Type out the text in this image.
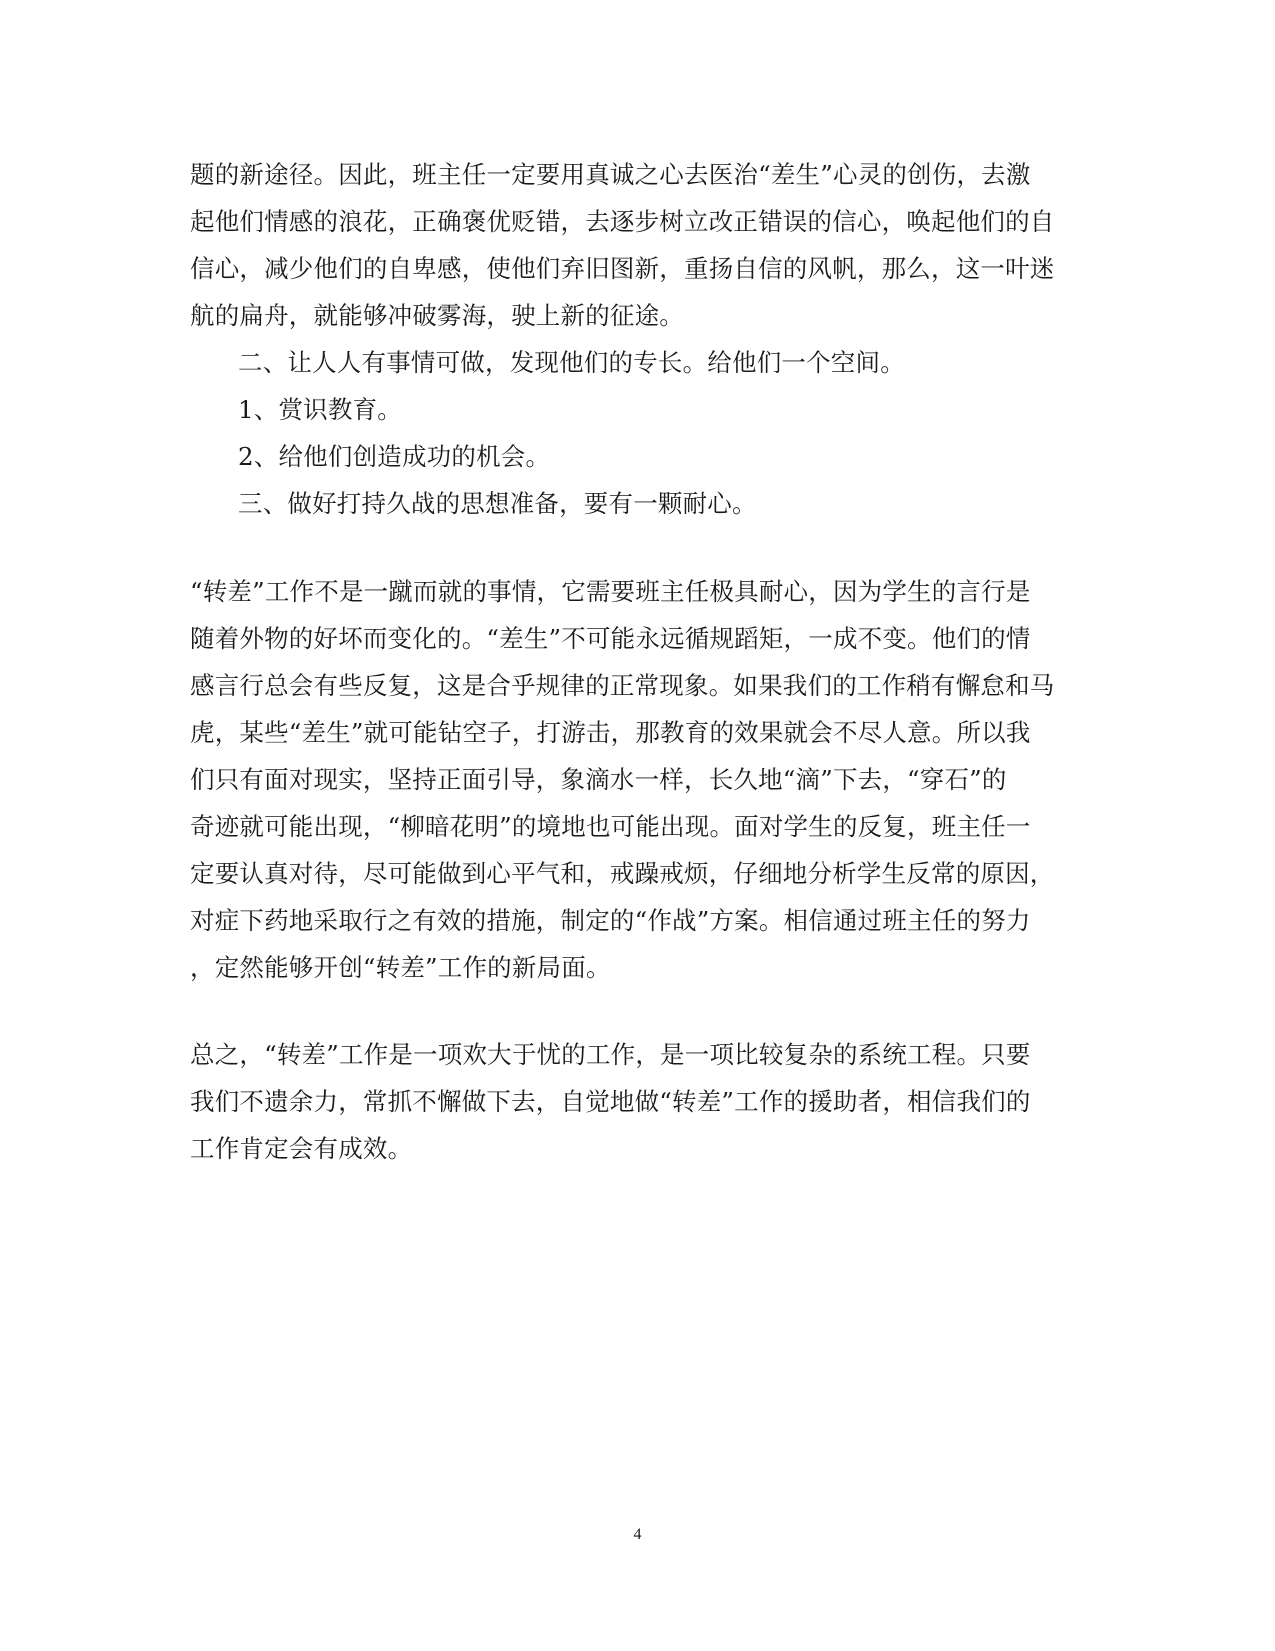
题的新途径。因此，班主任一定要用真诚之心去医治“差生”心灵的创伤，去激
起他们情感的浪花，正确褒优贬错，去逐步树立改正错误的信心，唤起他们的自
信心，减少他们的自卑感，使他们弃旧图新，重扬自信的风帆，那么，这一叶迷
航的扁舟，就能够冲破雾海，驶上新的征途。
二、让人人有事情可做，发现他们的专长。给他们一个空间。
1、赏识教育。
2、给他们创造成功的机会。
三、做好打持久战的思想准备，要有一颗耐心。
“转差”工作不是一蹴而就的事情，它需要班主任极具耐心，因为学生的言行是
随着外物的好坏而变化的。“差生”不可能永远循规蹈矩，一成不变。他们的情
感言行总会有些反复，这是合乎规律的正常现象。如果我们的工作稍有懈怠和马
虎，某些“差生”就可能钻空子，打游击，那教育的效果就会不尽人意。所以我
们只有面对现实，坚持正面引导，象滴水一样，长久地“滴”下去，“穿石”的
奇迹就可能出现，“柳暗花明”的境地也可能出现。面对学生的反复，班主任一
定要认真对待，尽可能做到心平气和，戒躁戒烦，仔细地分析学生反常的原因，
对症下药地采取行之有效的措施，制定的“作战”方案。相信通过班主任的努力
，定然能够开创“转差”工作的新局面。
总之，“转差”工作是一项欢大于忧的工作，是一项比较复杂的系统工程。只要
我们不遗余力，常抓不懈做下去，自觉地做“转差”工作的援助者，相信我们的
工作肯定会有成效。
4
